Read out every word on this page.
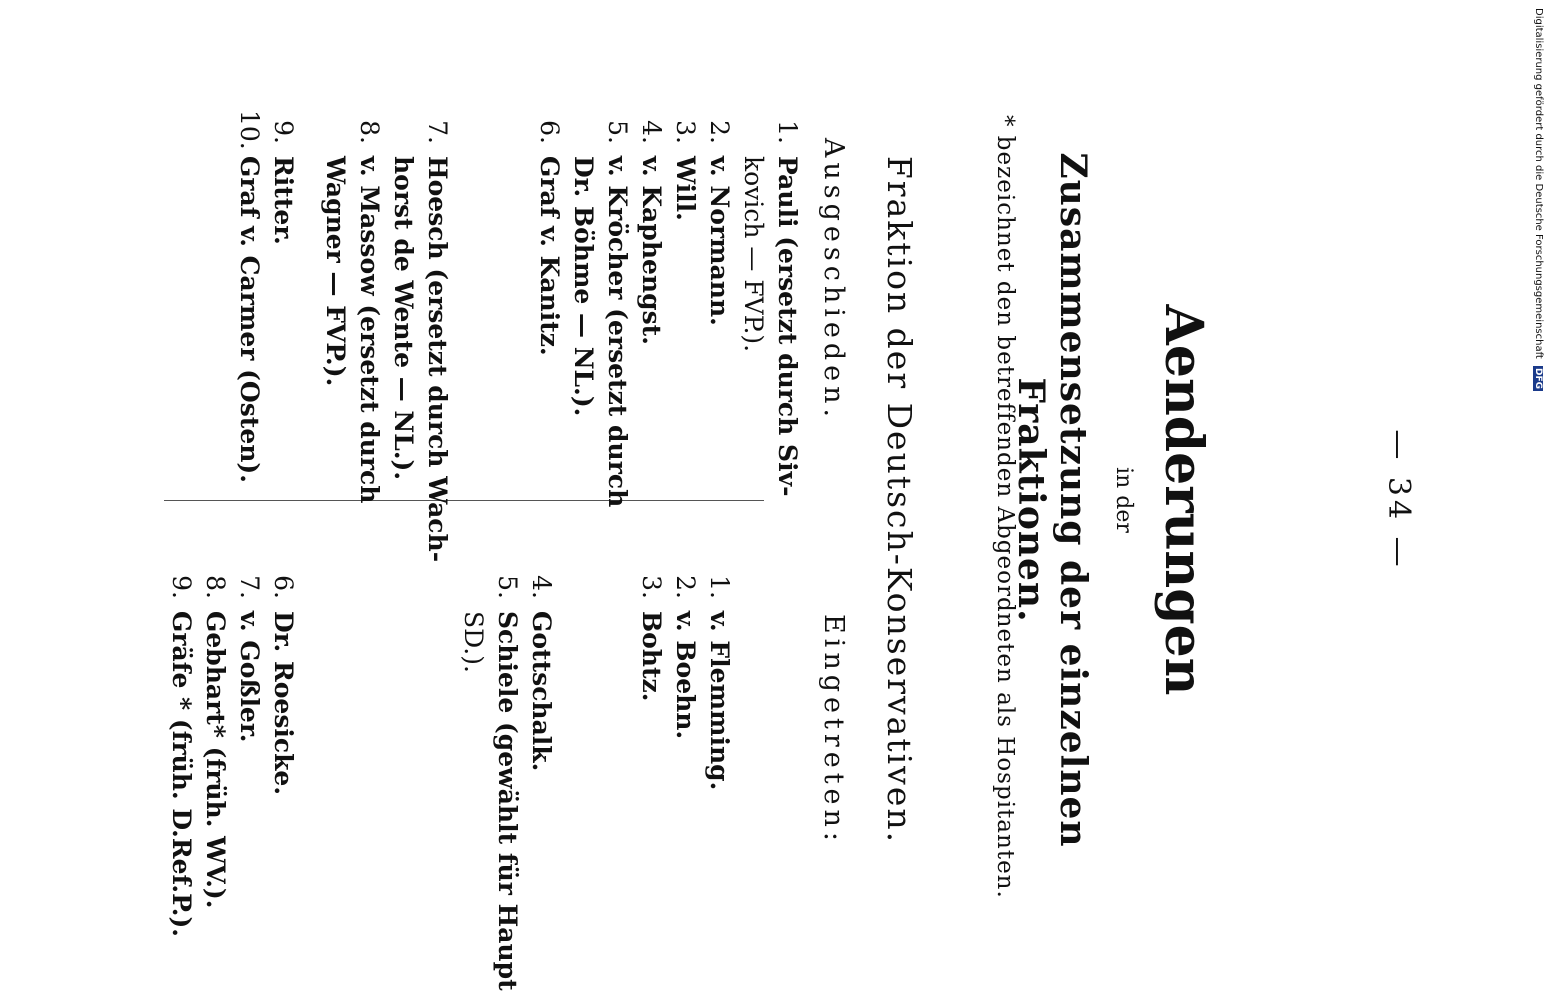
— 34 —
Aenderungen
in der
Zusammensetzung der einzelnen Fraktionen.
* bezeichnet den betreffenden Abgeordneten als Hospitanten.
Fraktion der Deutsch-Konservativen.
Ausgeschieden.
Eingetreten:
1.Pauli (ersetzt durch Siv-
kovich — FVP.).
2.v. Normann.
3.Will.
4.v. Kaphengst.
5.v. Kröcher (ersetzt durch
Dr. Böhme — NL.).
6.Graf v. Kanitz.
7.Hoesch (ersetzt durch Wach-
horst de Wente — NL.).
8.v. Massow (ersetzt durch
Wagner — FVP.).
9.Ritter.
10.Graf v. Carmer (Osten).
1.v. Flemming.
2.v. Boehn.
3.Bohtz.
4.Gottschalk.
5.Schiele (gewählt für Haupt
SD.).
6.Dr. Roesicke.
7.v. Goßler.
8.Gebhart* (früh. WV.).
9.Gräfe * (früh. D.Ref.P.).
Digitalisierung gefördert durch die Deutsche Forschungsgemeinschaft DFG
